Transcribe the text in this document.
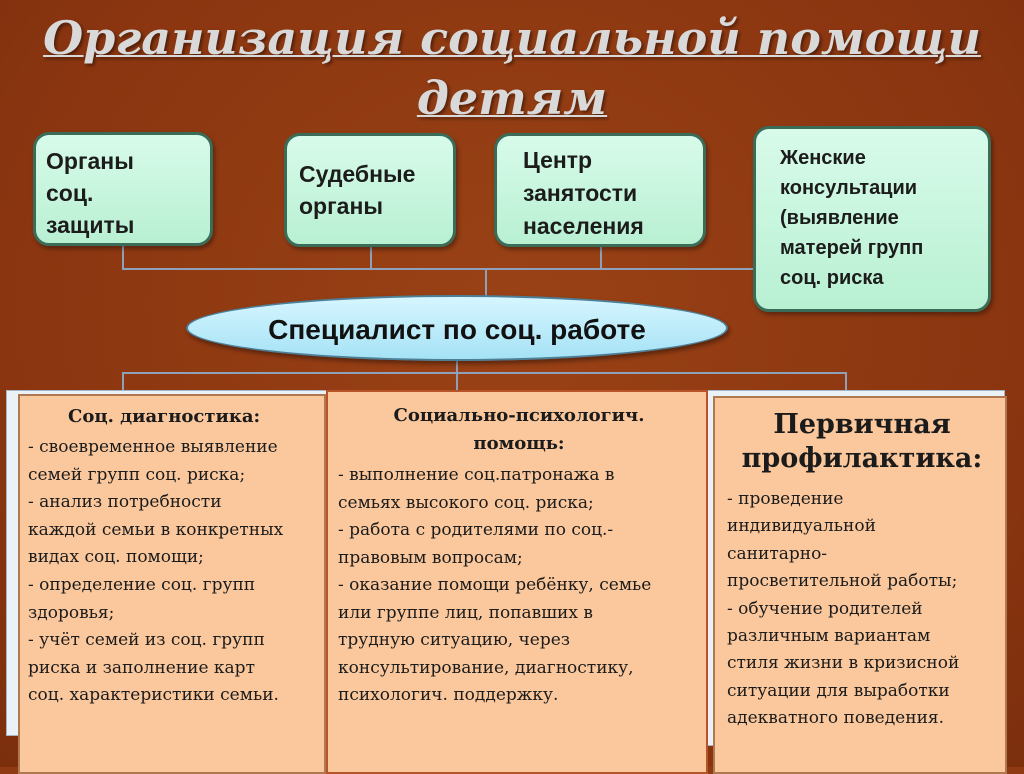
Организация социальной помощи
детям
Органы
соц.
защиты
Судебные
органы
Центр
занятости
населения
Женские
консультации
(выявление
матерей групп
соц. риска
Специалист по соц. работе
Соц. диагностика:
- своевременное выявление
семей групп соц. риска;
- анализ потребности
каждой семьи в конкретных
видах соц. помощи;
- определение соц. групп
здоровья;
- учёт семей из соц. групп
риска и заполнение карт
соц. характеристики семьи.
Социально-психологич.
помощь:
- выполнение соц.патронажа в
семьях высокого соц. риска;
- работа с родителями по соц.-
правовым вопросам;
- оказание помощи ребёнку, семье
или группе лиц, попавших в
трудную ситуацию, через
консультирование, диагностику,
психологич. поддержку.
Первичная
профилактика:
- проведение
индивидуальной
санитарно-
просветительной работы;
- обучение родителей
различным вариантам
стиля жизни в кризисной
ситуации для выработки
адекватного поведения.
